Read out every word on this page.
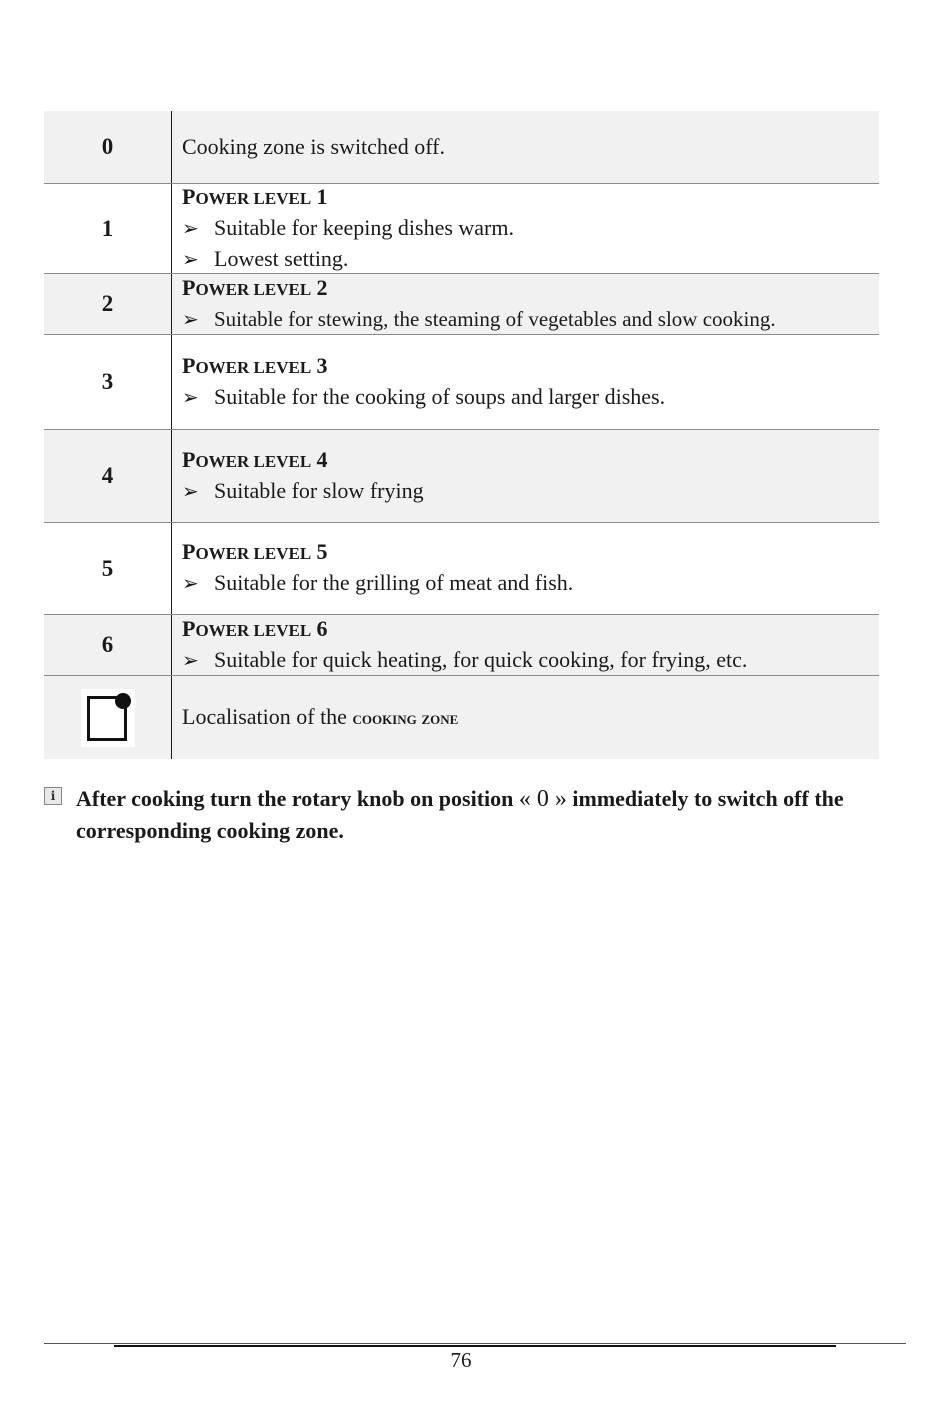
0	Cooking zone is switched off.
1
POWER LEVEL 1
➢ Suitable for keeping dishes warm.
➢ Lowest setting.
2
POWER LEVEL 2
➢ Suitable for stewing, the steaming of vegetables and slow cooking.
3
POWER LEVEL 3
➢ Suitable for the cooking of soups and larger dishes.
4
POWER LEVEL 4
➢ Suitable for slow frying
5
POWER LEVEL 5
➢ Suitable for the grilling of meat and fish.
6
POWER LEVEL 6
➢ Suitable for quick heating, for quick cooking, for frying, etc.
Localisation of the cooking zone
i After cooking turn the rotary knob on position « 0 » immediately to switch off the corresponding cooking zone.
76
